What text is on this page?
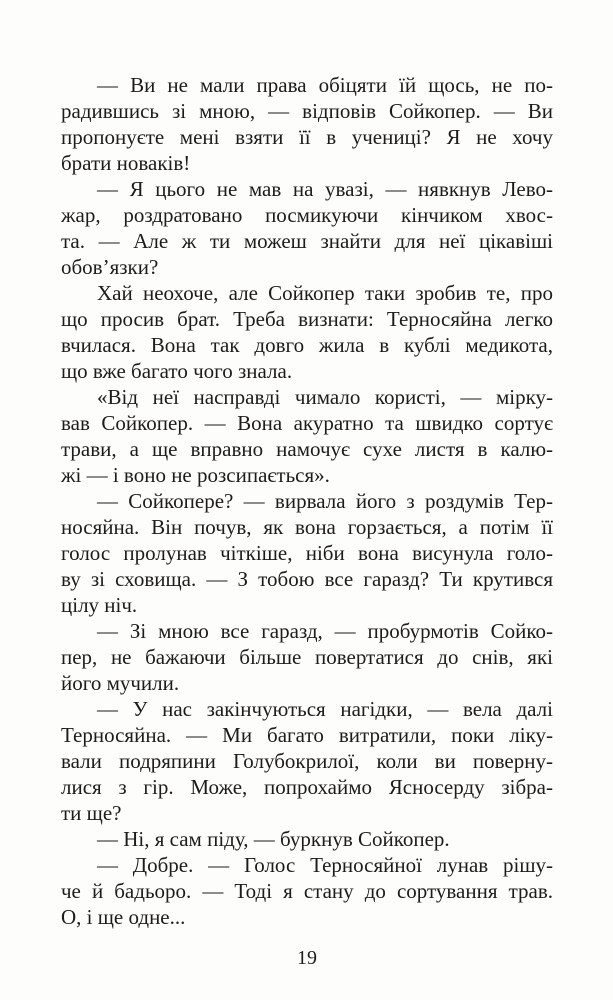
— Ви не мали права обіцяти їй щось, не по-
радившись зі мною, — відповів Сойкопер. — Ви
пропонуєте мені взяти її в учениці? Я не хочу
брати новаків!
— Я цього не мав на увазі, — нявкнув Лево-
жар, роздратовано посмикуючи кінчиком хвос-
та. — Але ж ти можеш знайти для неї цікавіші
обов’язки?
Хай неохоче, але Сойкопер таки зробив те, про
що просив брат. Треба визнати: Терносяйна легко
вчилася. Вона так довго жила в кублі медикота,
що вже багато чого знала.
«Від неї насправді чимало користі, — мірку-
вав Сойкопер. — Вона акуратно та швидко сортує
трави, а ще вправно намочує сухе листя в калю-
жі — і воно не розсипається».
— Сойкопере? — вирвала його з роздумів Тер-
носяйна. Він почув, як вона горзається, а потім її
голос пролунав чіткіше, ніби вона висунула голо-
ву зі сховища. — З тобою все гаразд? Ти крутився
цілу ніч.
— Зі мною все гаразд, — пробурмотів Сойко-
пер, не бажаючи більше повертатися до снів, які
його мучили.
— У нас закінчуються нагідки, — вела далі
Терносяйна. — Ми багато витратили, поки ліку-
вали подряпини Голубокрилої, коли ви поверну-
лися з гір. Може, попрохаймо Ясносерду зібра-
ти ще?
— Ні, я сам піду, — буркнув Сойкопер.
— Добре. — Голос Терносяйної лунав рішу-
че й бадьоро. — Тоді я стану до сортування трав.
О, і ще одне...
19
